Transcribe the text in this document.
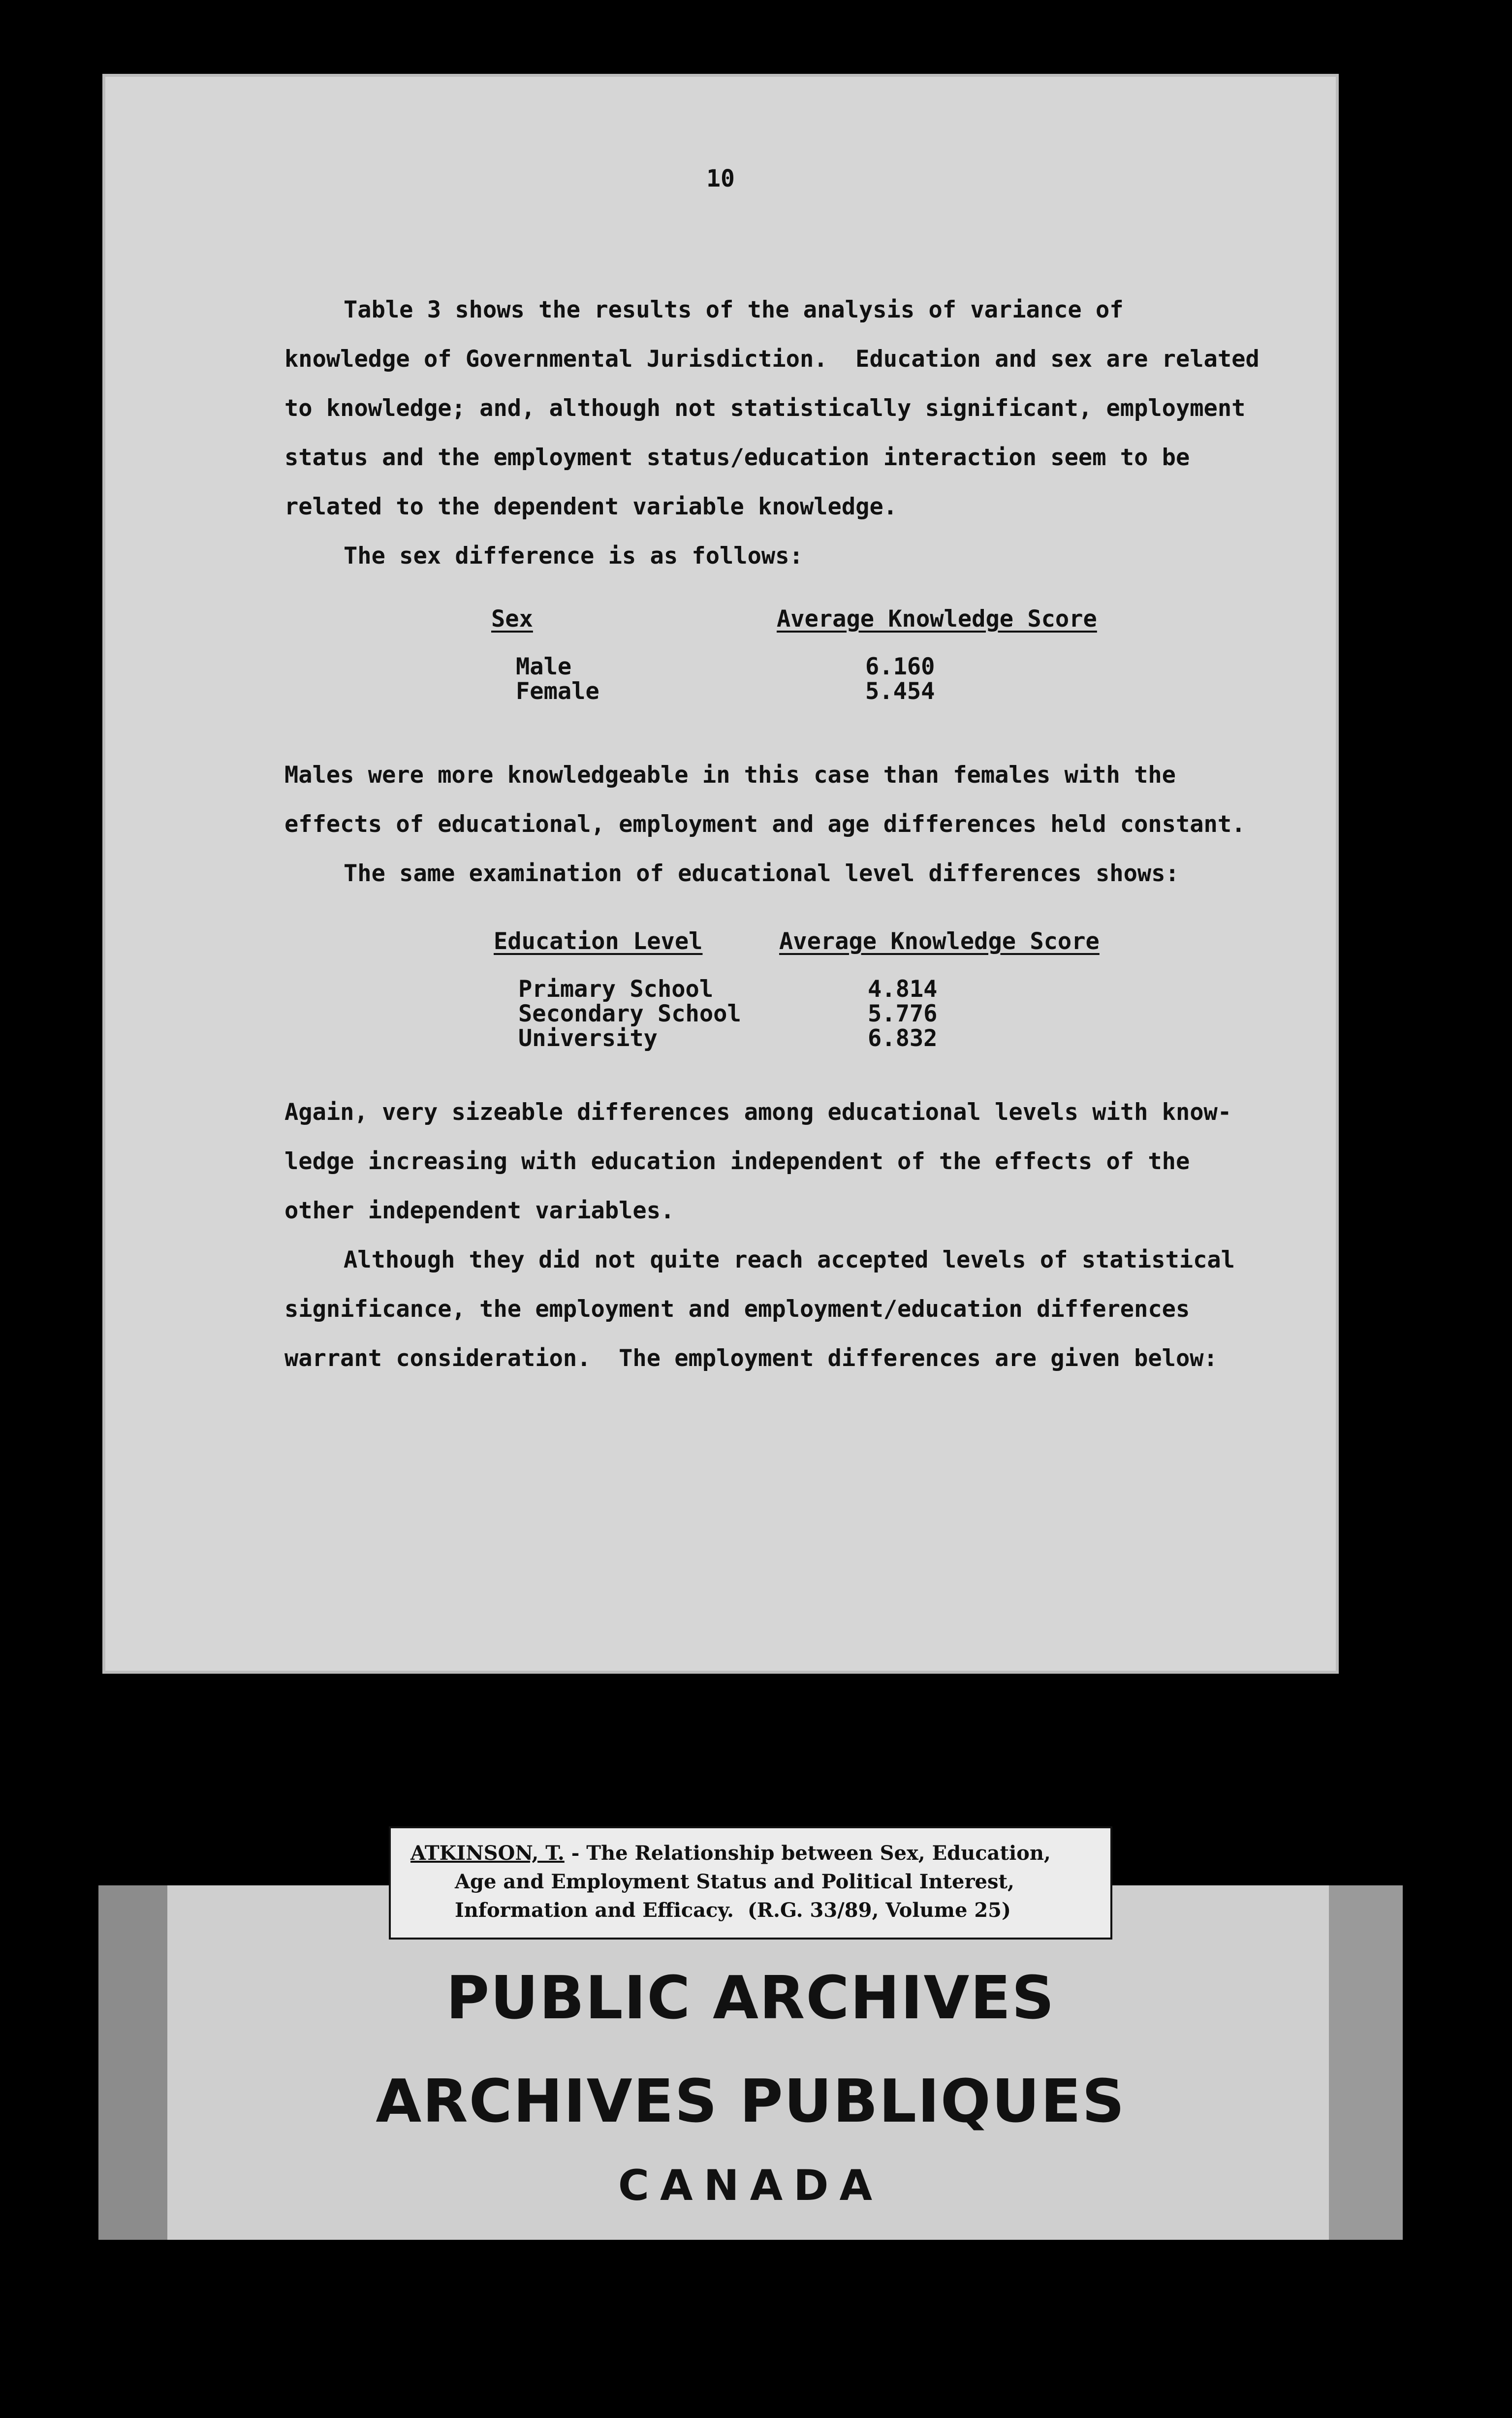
10
Table 3 shows the results of the analysis of variance of
knowledge of Governmental Jurisdiction.  Education and sex are related
to knowledge; and, although not statistically significant, employment
status and the employment status/education interaction seem to be
related to the dependent variable knowledge.
The sex difference is as follows:
Sex	Average Knowledge Score
Male	6.160
Female	5.454
Males were more knowledgeable in this case than females with the
effects of educational, employment and age differences held constant.
The same examination of educational level differences shows:
Education Level	Average Knowledge Score
Primary School	4.814
Secondary School	5.776
University	6.832
Again, very sizeable differences among educational levels with know-
ledge increasing with education independent of the effects of the
other independent variables.
Although they did not quite reach accepted levels of statistical
significance, the employment and employment/education differences
warrant consideration.  The employment differences are given below:
ATKINSON, T. - The Relationship between Sex, Education,
Age and Employment Status and Political Interest,
Information and Efficacy.  (R.G. 33/89, Volume 25)
PUBLIC ARCHIVES
ARCHIVES PUBLIQUES
CANADA
